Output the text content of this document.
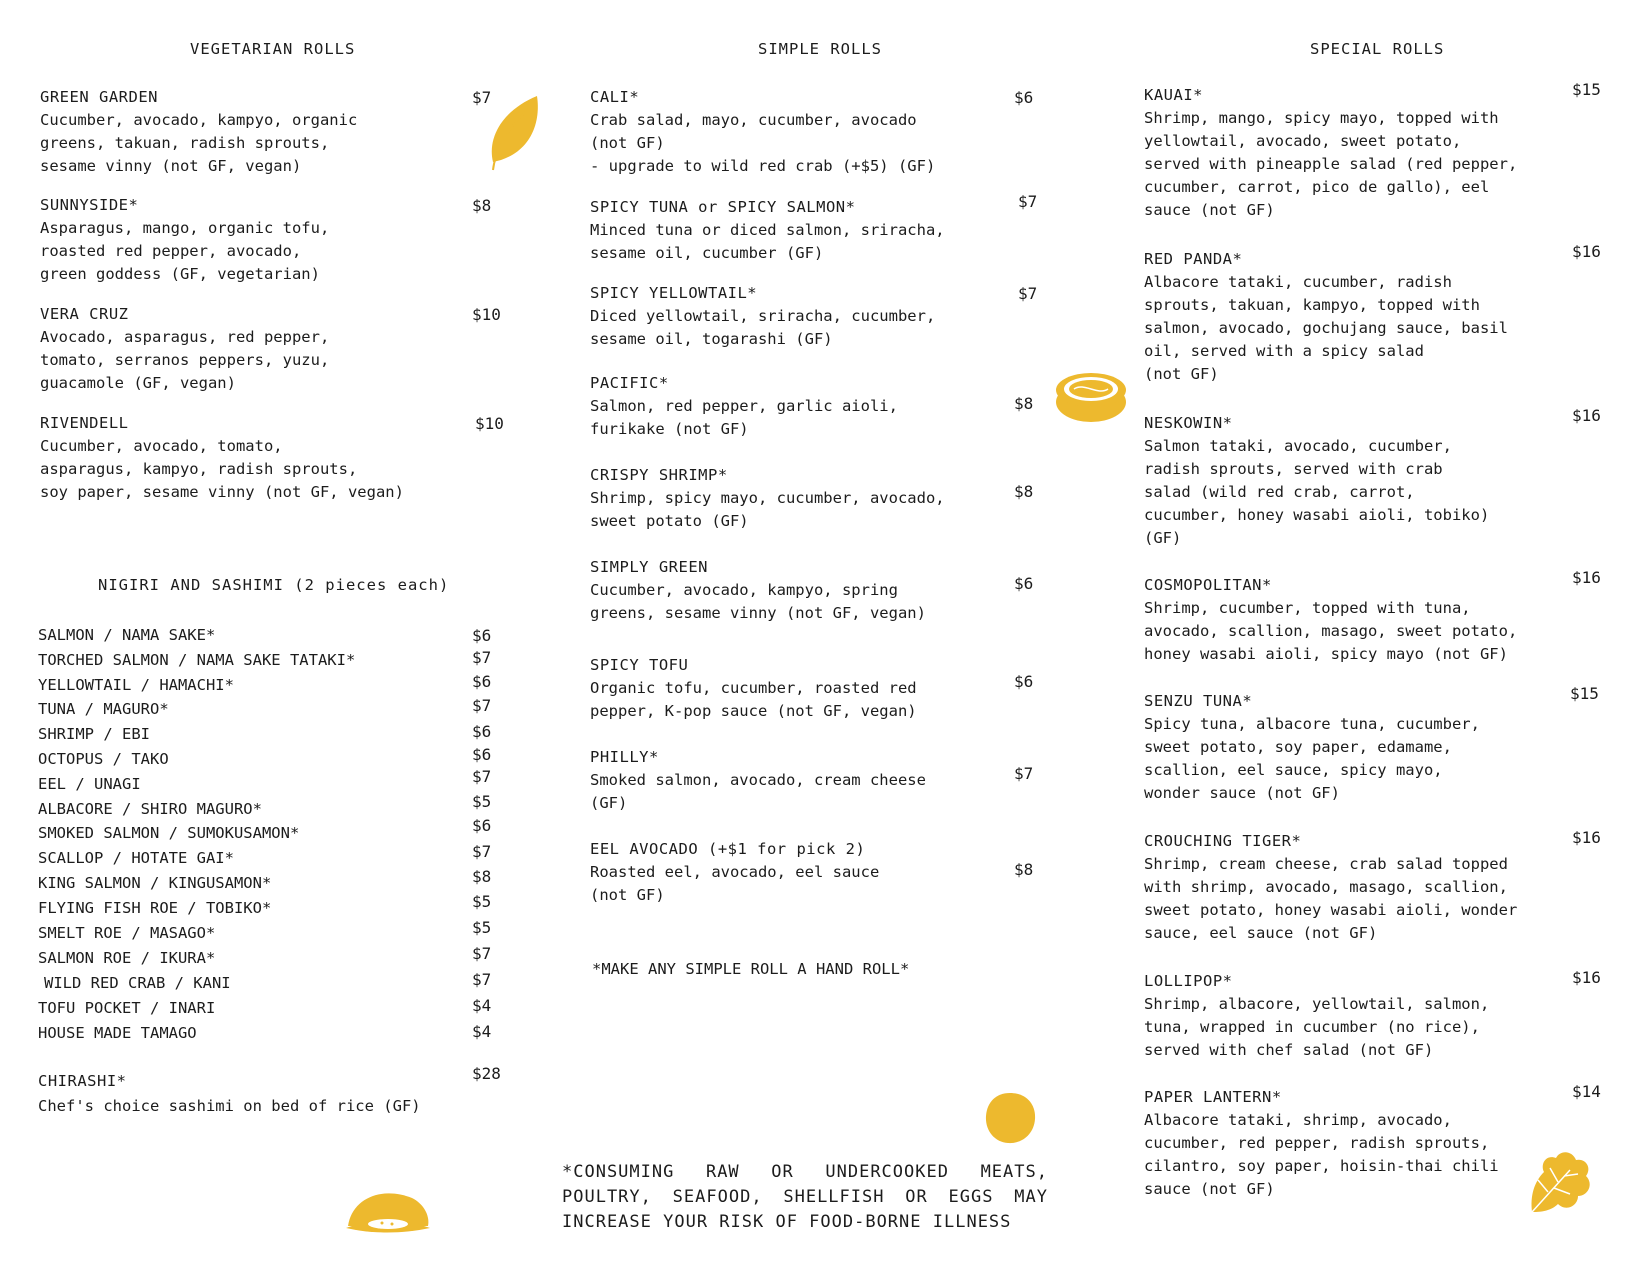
VEGETARIAN ROLLS
GREEN GARDEN
Cucumber, avocado, kampyo, organic
greens, takuan, radish sprouts,
sesame vinny (not GF, vegan)
$7
SUNNYSIDE*
Asparagus, mango, organic tofu,
roasted red pepper, avocado,
green goddess (GF, vegetarian)
$8
VERA CRUZ
Avocado, asparagus, red pepper,
tomato, serranos peppers, yuzu,
guacamole (GF, vegan)
$10
RIVENDELL
Cucumber, avocado, tomato,
asparagus, kampyo, radish sprouts,
soy paper, sesame vinny (not GF, vegan)
$10
NIGIRI AND SASHIMI (2 pieces each)
SALMON / NAMA SAKE*	$6
TORCHED SALMON / NAMA SAKE TATAKI*	$7
YELLOWTAIL / HAMACHI*	$6
TUNA / MAGURO*	$7
SHRIMP / EBI	$6
OCTOPUS / TAKO	$6
EEL / UNAGI	$7
ALBACORE / SHIRO MAGURO*	$5
SMOKED SALMON / SUMOKUSAMON*	$6
SCALLOP / HOTATE GAI*	$7
KING SALMON / KINGUSAMON*	$8
FLYING FISH ROE / TOBIKO*	$5
SMELT ROE / MASAGO*	$5
SALMON ROE / IKURA*	$7
WILD RED CRAB / KANI	$7
TOFU POCKET / INARI	$4
HOUSE MADE TAMAGO	$4
CHIRASHI*
Chef's choice sashimi on bed of rice (GF)
$28
SIMPLE ROLLS
CALI*
Crab salad, mayo, cucumber, avocado
(not GF)
- upgrade to wild red crab (+$5) (GF)
$6
SPICY TUNA or SPICY SALMON*
Minced tuna or diced salmon, sriracha,
sesame oil, cucumber (GF)
$7
SPICY YELLOWTAIL*
Diced yellowtail, sriracha, cucumber,
sesame oil, togarashi (GF)
$7
PACIFIC*
Salmon, red pepper, garlic aioli,
furikake (not GF)
$8
CRISPY SHRIMP*
Shrimp, spicy mayo, cucumber, avocado,
sweet potato (GF)
$8
SIMPLY GREEN
Cucumber, avocado, kampyo, spring
greens, sesame vinny (not GF, vegan)
$6
SPICY TOFU
Organic tofu, cucumber, roasted red
pepper, K-pop sauce (not GF, vegan)
$6
PHILLY*
Smoked salmon, avocado, cream cheese
(GF)
$7
EEL AVOCADO (+$1 for pick 2)
Roasted eel, avocado, eel sauce
(not GF)
$8
*MAKE ANY SIMPLE ROLL A HAND ROLL*
*CONSUMING RAW OR UNDERCOOKED MEATS, POULTRY, SEAFOOD, SHELLFISH OR EGGS MAY INCREASE YOUR RISK OF FOOD-BORNE ILLNESS
SPECIAL ROLLS
KAUAI*
Shrimp, mango, spicy mayo, topped with
yellowtail, avocado, sweet potato,
served with pineapple salad (red pepper,
cucumber, carrot, pico de gallo), eel
sauce (not GF)
$15
RED PANDA*
Albacore tataki, cucumber, radish
sprouts, takuan, kampyo, topped with
salmon, avocado, gochujang sauce, basil
oil, served with a spicy salad
(not GF)
$16
NESKOWIN*
Salmon tataki, avocado, cucumber,
radish sprouts, served with crab
salad (wild red crab, carrot,
cucumber, honey wasabi aioli, tobiko)
(GF)
$16
COSMOPOLITAN*
Shrimp, cucumber, topped with tuna,
avocado, scallion, masago, sweet potato,
honey wasabi aioli, spicy mayo (not GF)
$16
SENZU TUNA*
Spicy tuna, albacore tuna, cucumber,
sweet potato, soy paper, edamame,
scallion, eel sauce, spicy mayo,
wonder sauce (not GF)
$15
CROUCHING TIGER*
Shrimp, cream cheese, crab salad topped
with shrimp, avocado, masago, scallion,
sweet potato, honey wasabi aioli, wonder
sauce, eel sauce (not GF)
$16
LOLLIPOP*
Shrimp, albacore, yellowtail, salmon,
tuna, wrapped in cucumber (no rice),
served with chef salad (not GF)
$16
PAPER LANTERN*
Albacore tataki, shrimp, avocado,
cucumber, red pepper, radish sprouts,
cilantro, soy paper, hoisin-thai chili
sauce (not GF)
$14
